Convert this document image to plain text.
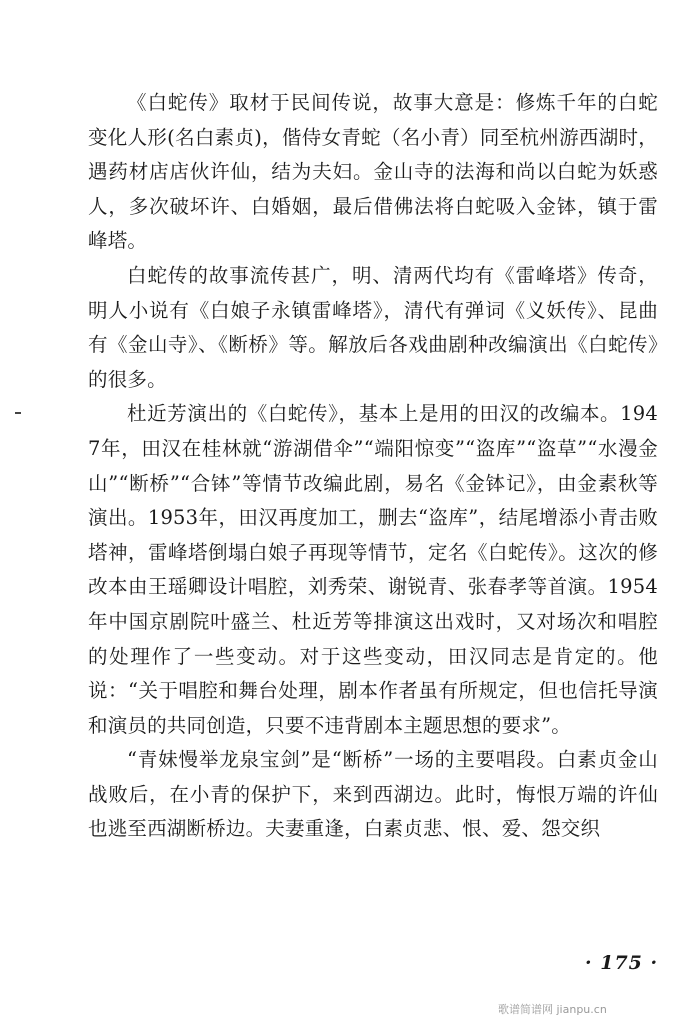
《白蛇传》取材于民间传说，故事大意是：修炼千年的白蛇变化人形(名白素贞)，偕侍女青蛇（名小青）同至杭州游西湖时，遇药材店店伙许仙，结为夫妇。金山寺的法海和尚以白蛇为妖惑人，多次破坏许、白婚姻，最后借佛法将白蛇吸入金钵，镇于雷峰塔。

白蛇传的故事流传甚广，明、清两代均有《雷峰塔》传奇，明人小说有《白娘子永镇雷峰塔》，清代有弹词《义妖传》、昆曲有《金山寺》、《断桥》等。解放后各戏曲剧种改编演出《白蛇传》的很多。

杜近芳演出的《白蛇传》，基本上是用的田汉的改编本。1947年，田汉在桂林就“游湖借伞”“端阳惊变”“盗库”“盗草”“水漫金山”“断桥”“合钵”等情节改编此剧，易名《金钵记》，由金素秋等演出。1953年，田汉再度加工，删去“盗库”，结尾增添小青击败塔神，雷峰塔倒塌白娘子再现等情节，定名《白蛇传》。这次的修改本由王瑶卿设计唱腔，刘秀荣、谢锐青、张春孝等首演。1954年中国京剧院叶盛兰、杜近芳等排演这出戏时，又对场次和唱腔的处理作了一些变动。对于这些变动，田汉同志是肯定的。他说：“关于唱腔和舞台处理，剧本作者虽有所规定，但也信托导演和演员的共同创造，只要不违背剧本主题思想的要求”。

“青妹慢举龙泉宝剑”是“断桥”一场的主要唱段。白素贞金山战败后，在小青的保护下，来到西湖边。此时，悔恨万端的许仙也逃至西湖断桥边。夫妻重逢，白素贞悲、恨、爱、怨交织

· 175 ·
歌谱简谱网 jianpu.cn
